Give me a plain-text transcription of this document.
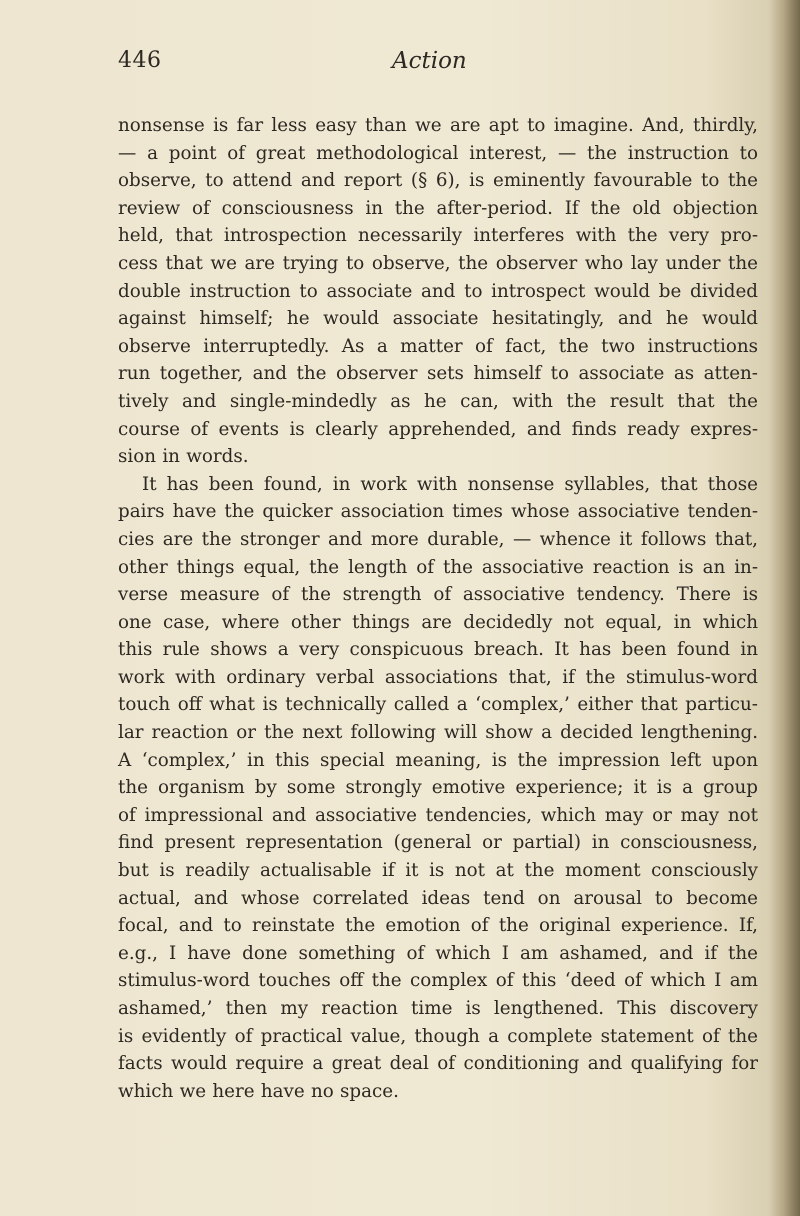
446	Action
nonsense is far less easy than we are apt to imagine. And, thirdly,
— a point of great methodological interest, — the instruction to
observe, to attend and report (§ 6), is eminently favourable to the
review of consciousness in the after-period. If the old objection
held, that introspection necessarily interferes with the very pro-
cess that we are trying to observe, the observer who lay under the
double instruction to associate and to introspect would be divided
against himself; he would associate hesitatingly, and he would
observe interruptedly. As a matter of fact, the two instructions
run together, and the observer sets himself to associate as atten-
tively and single-mindedly as he can, with the result that the
course of events is clearly apprehended, and finds ready expres-
sion in words.
It has been found, in work with nonsense syllables, that those
pairs have the quicker association times whose associative tenden-
cies are the stronger and more durable, — whence it follows that,
other things equal, the length of the associative reaction is an in-
verse measure of the strength of associative tendency. There is
one case, where other things are decidedly not equal, in which
this rule shows a very conspicuous breach. It has been found in
work with ordinary verbal associations that, if the stimulus-word
touch off what is technically called a ‘complex,’ either that particu-
lar reaction or the next following will show a decided lengthening.
A ‘complex,’ in this special meaning, is the impression left upon
the organism by some strongly emotive experience; it is a group
of impressional and associative tendencies, which may or may not
find present representation (general or partial) in consciousness,
but is readily actualisable if it is not at the moment consciously
actual, and whose correlated ideas tend on arousal to become
focal, and to reinstate the emotion of the original experience. If,
e.g., I have done something of which I am ashamed, and if the
stimulus-word touches off the complex of this ‘deed of which I am
ashamed,’ then my reaction time is lengthened. This discovery
is evidently of practical value, though a complete statement of the
facts would require a great deal of conditioning and qualifying for
which we here have no space.
